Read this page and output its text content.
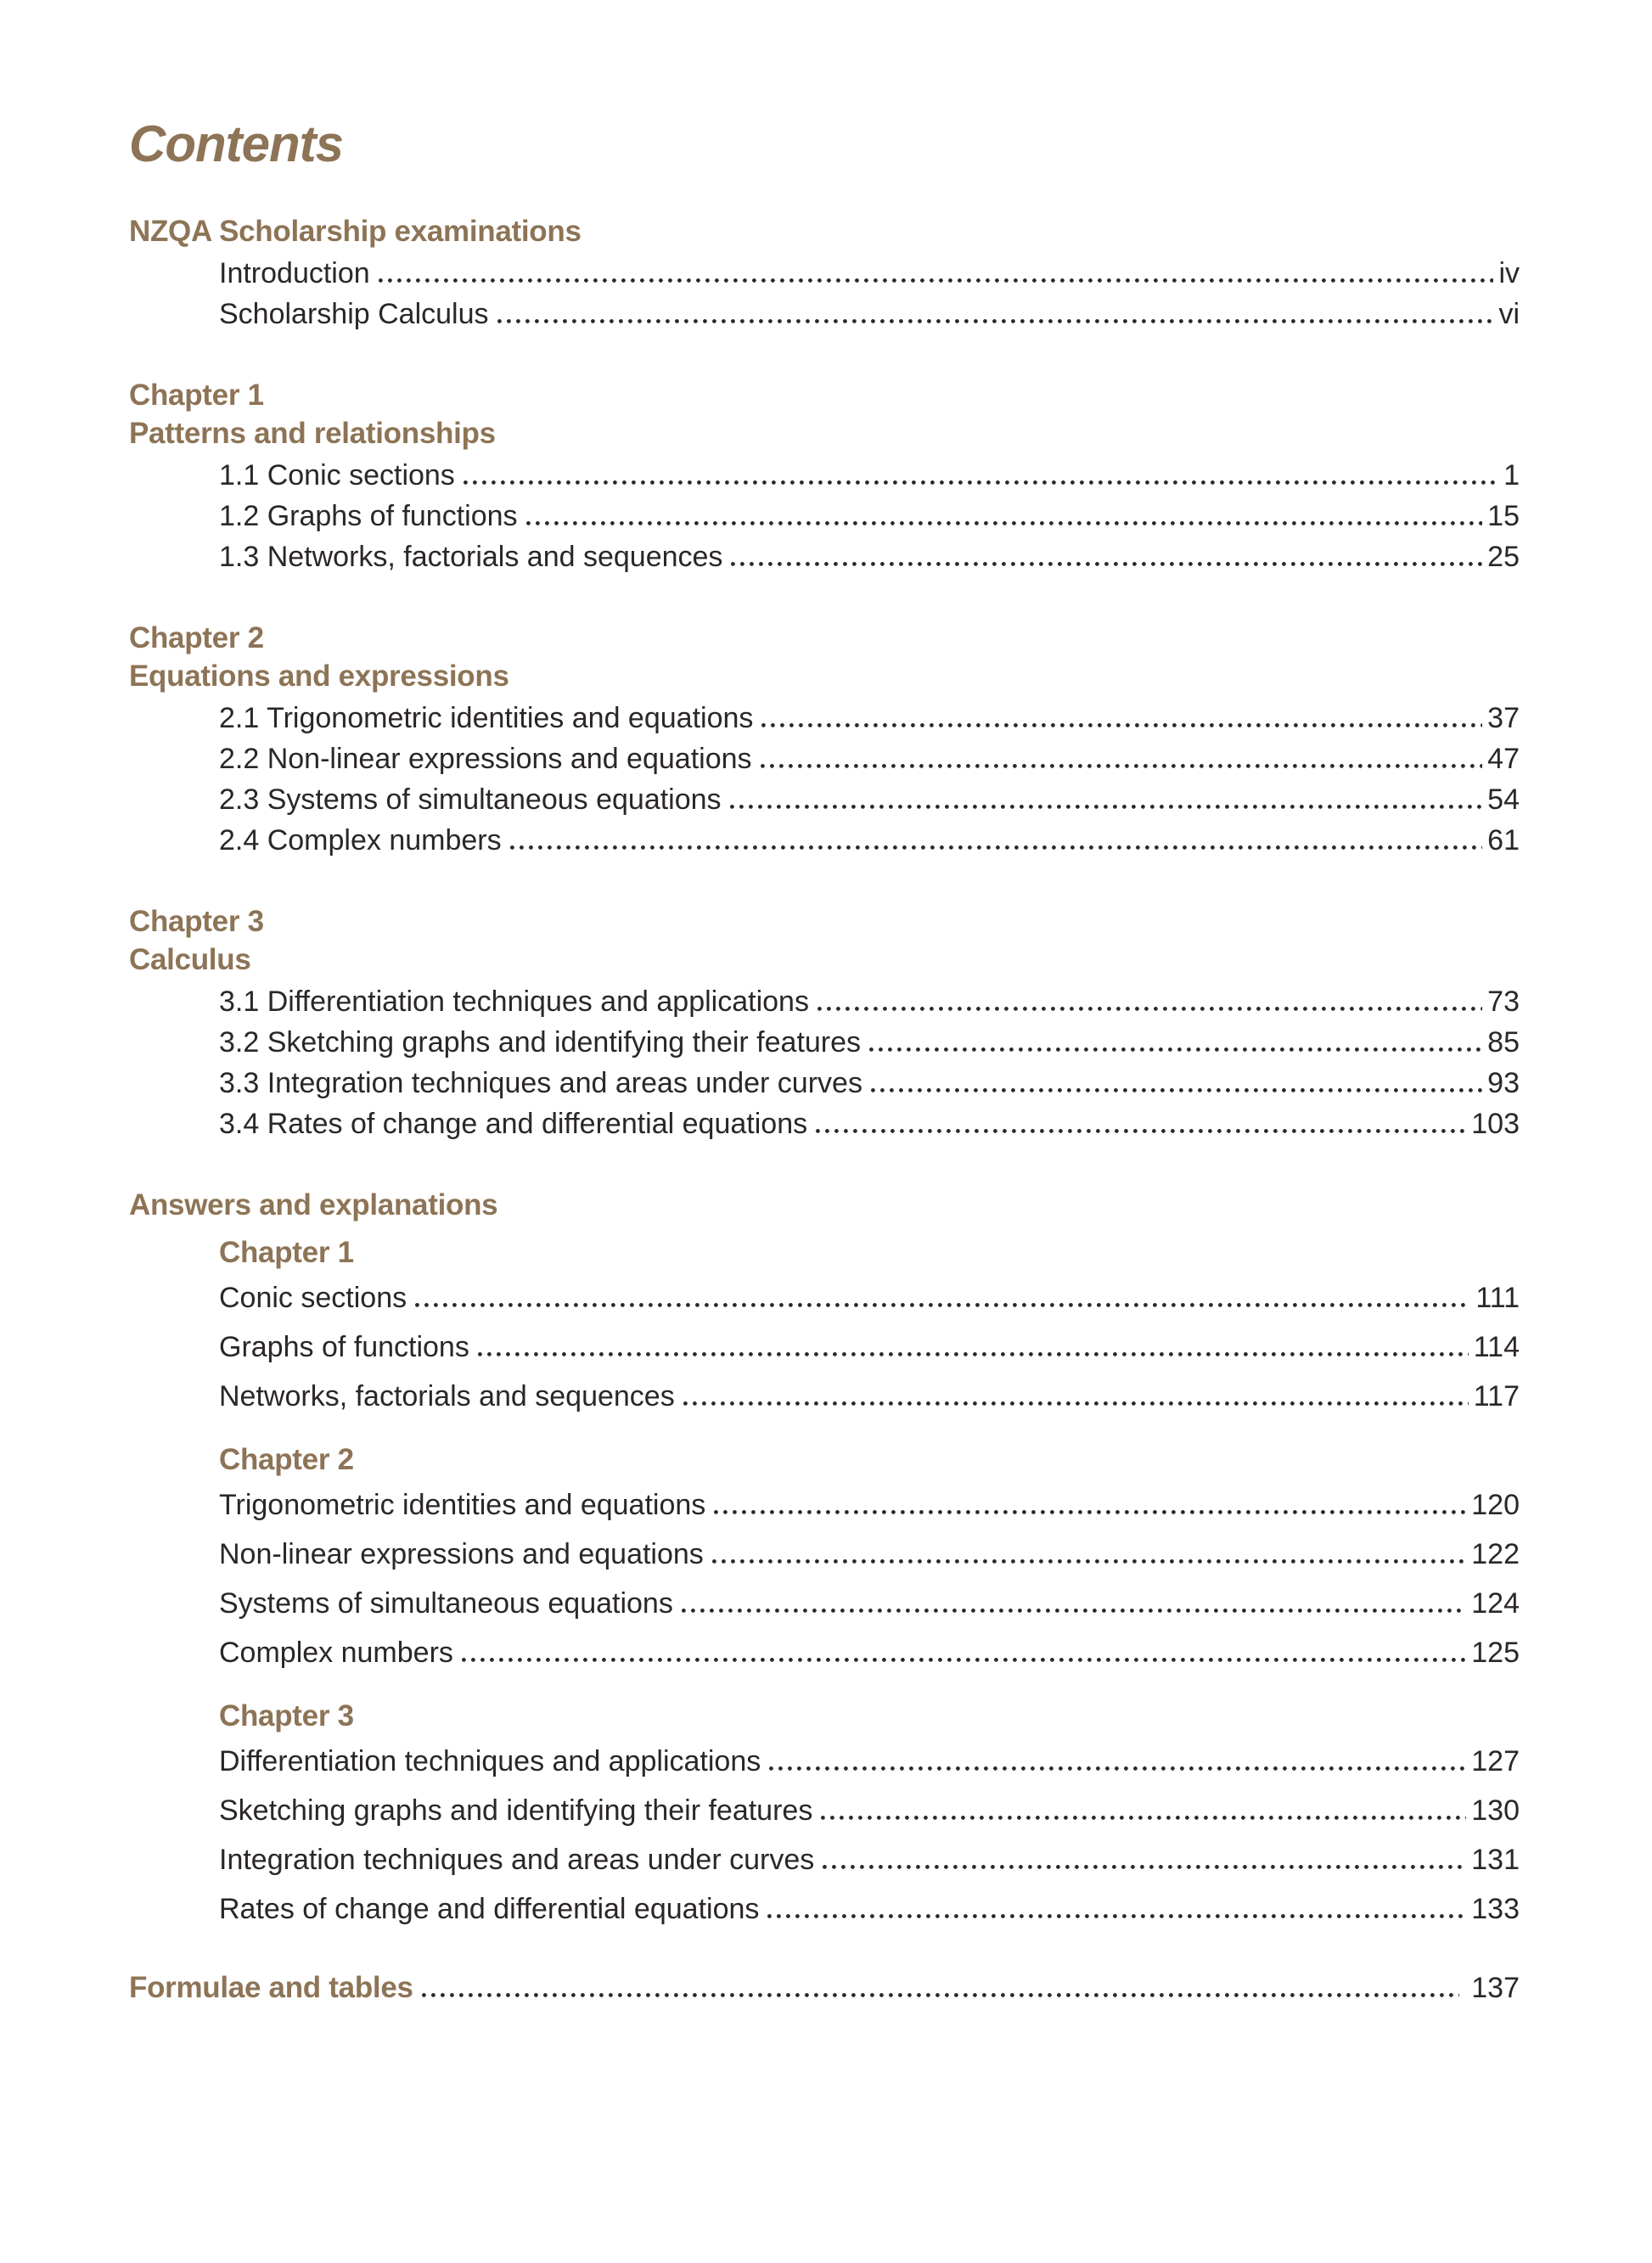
Contents
NZQA Scholarship examinations
Introduction	iv
Scholarship Calculus	vi
Chapter 1
Patterns and relationships
1.1 Conic sections	1
1.2 Graphs of functions	15
1.3 Networks, factorials and sequences	25
Chapter 2
Equations and expressions
2.1 Trigonometric identities and equations	37
2.2 Non-linear expressions and equations	47
2.3 Systems of simultaneous equations	54
2.4 Complex numbers	61
Chapter 3
Calculus
3.1 Differentiation techniques and applications	73
3.2 Sketching graphs and identifying their features	85
3.3 Integration techniques and areas under curves	93
3.4 Rates of change and differential equations	103
Answers and explanations
Chapter 1
Conic sections	111
Graphs of functions	114
Networks, factorials and sequences	117
Chapter 2
Trigonometric identities and equations	120
Non-linear expressions and equations	122
Systems of simultaneous equations	124
Complex numbers	125
Chapter 3
Differentiation techniques and applications	127
Sketching graphs and identifying their features	130
Integration techniques and areas under curves	131
Rates of change and differential equations	133
Formulae and tables	137
